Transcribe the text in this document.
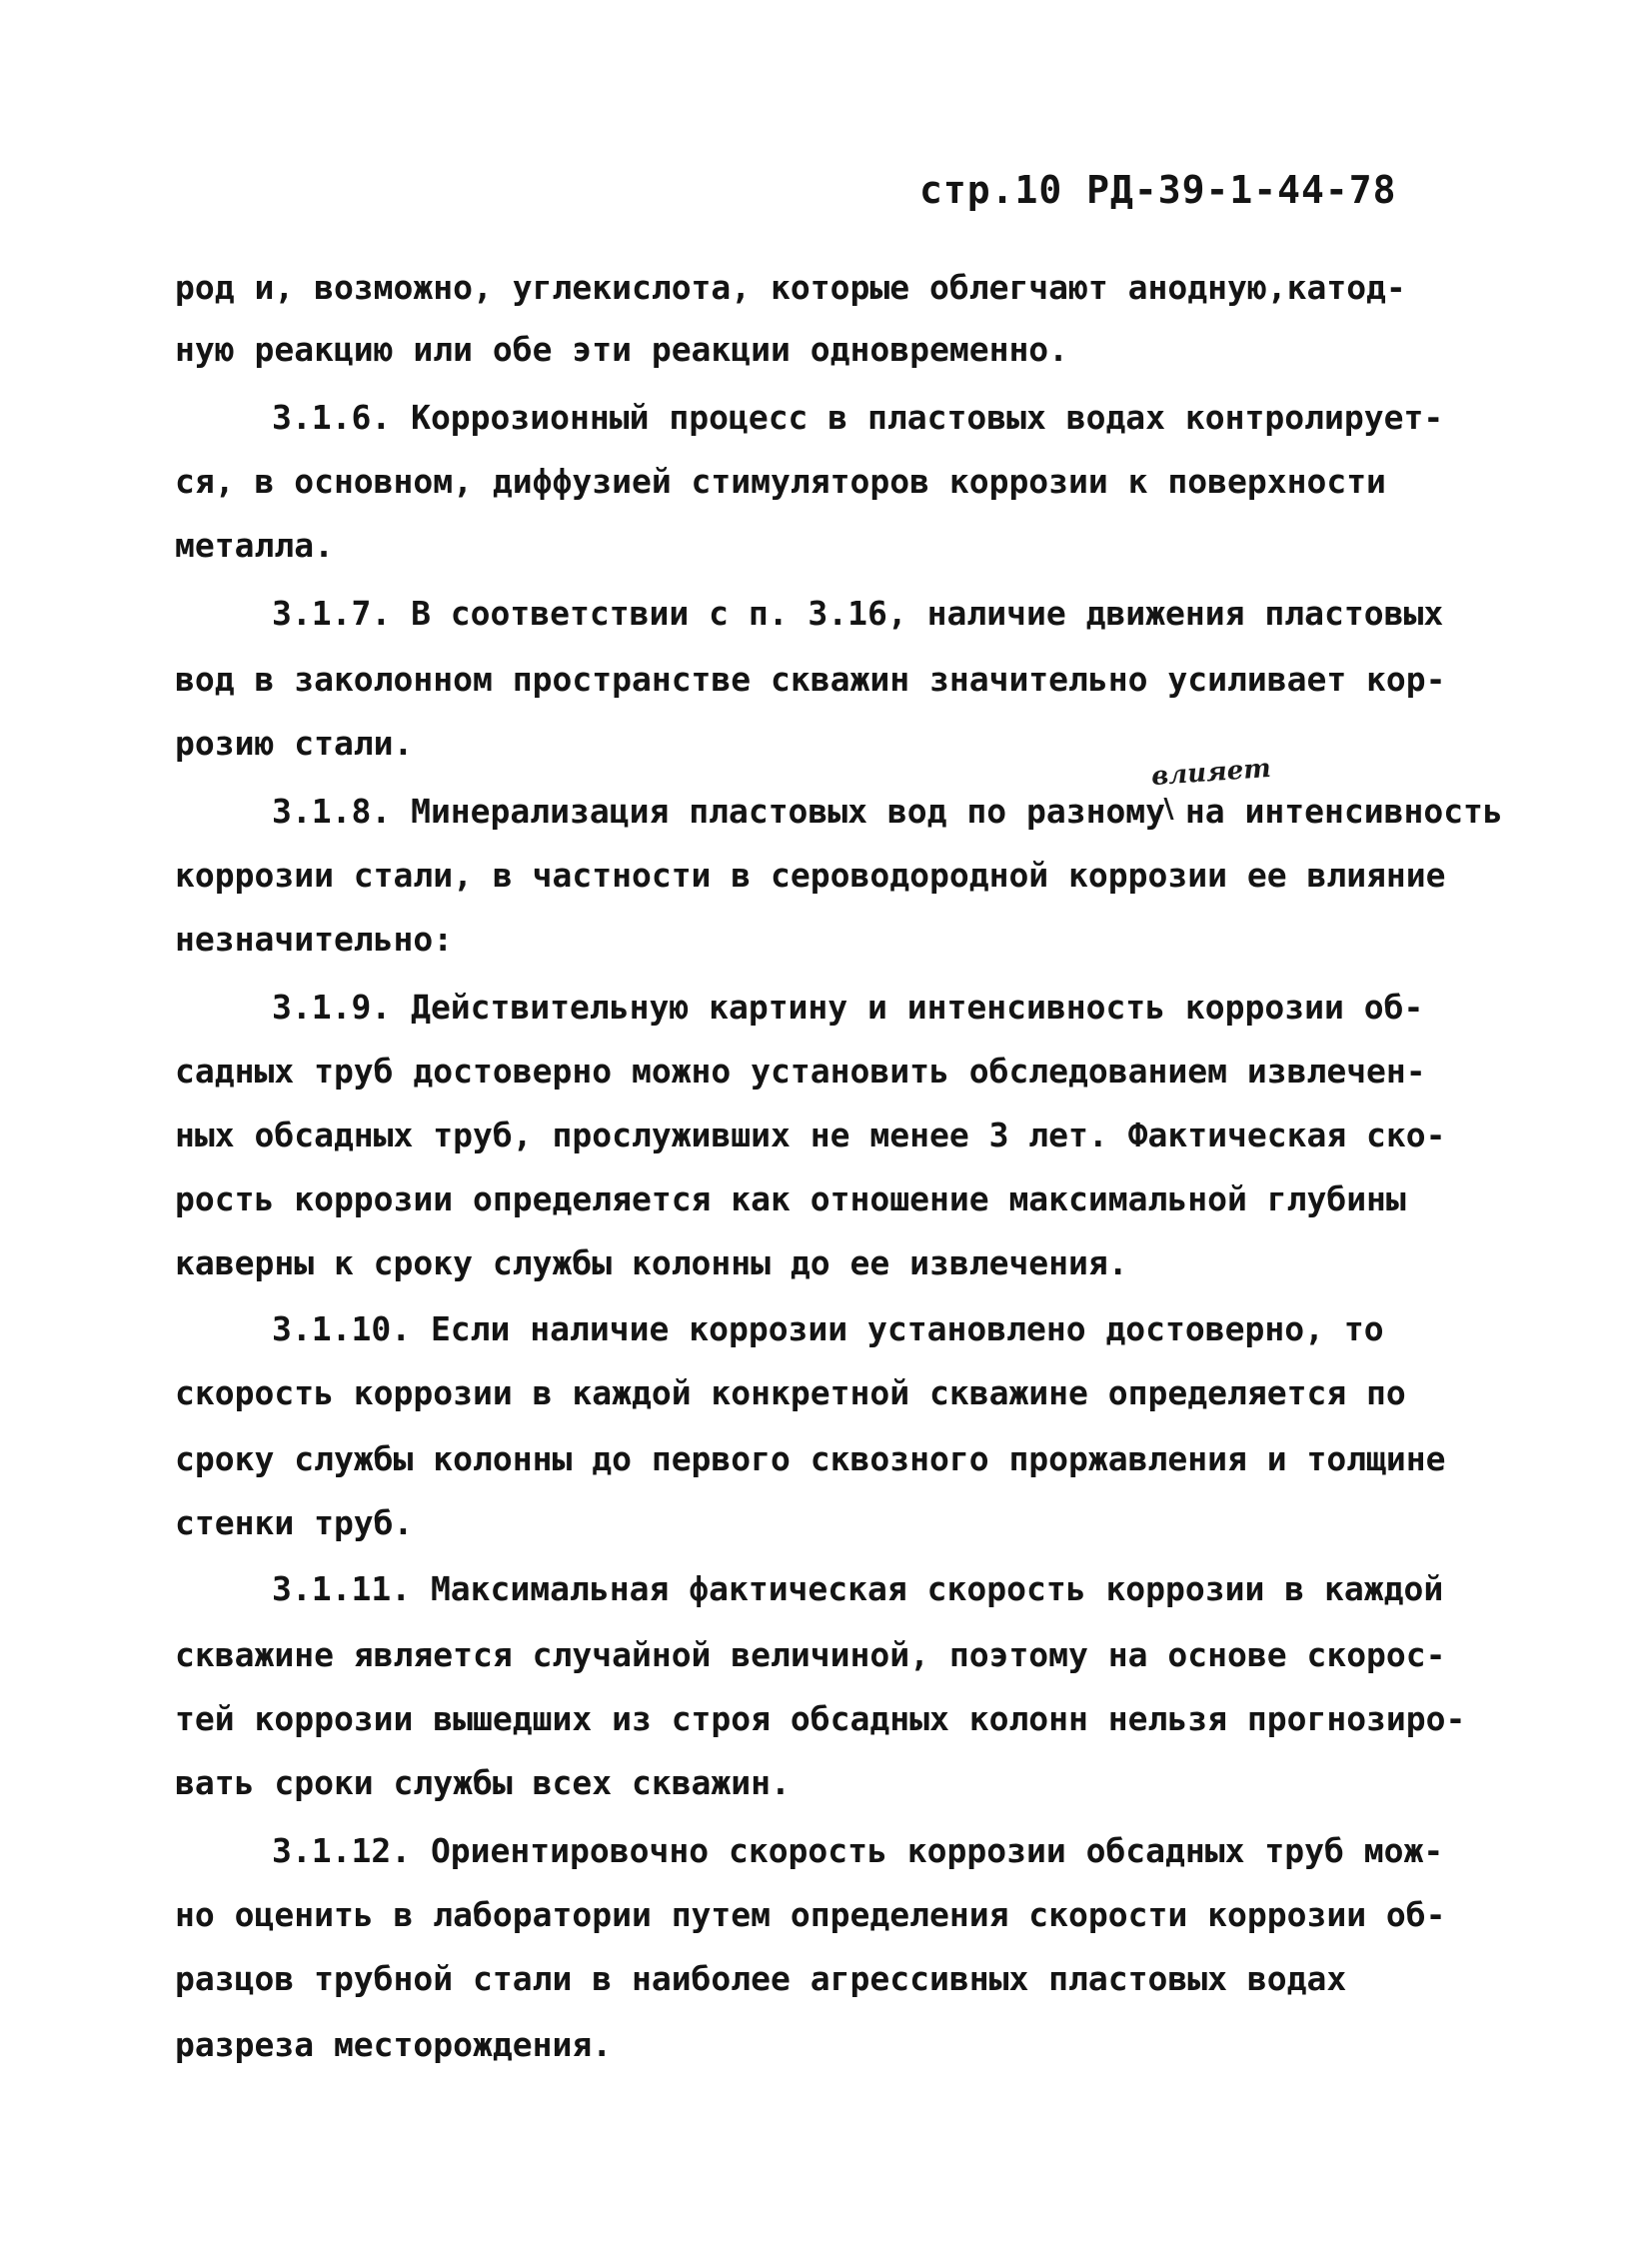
стр.10 РД-39-1-44-78
влияет
род и, возможно, углекислота, которые облегчают анодную,катод-
ную реакцию или обе эти реакции одновременно.
3.1.6. Коррозионный процесс в пластовых водах контролирует-
ся, в основном, диффузией стимуляторов коррозии к поверхности
металла.
3.1.7. В соответствии с п. 3.16, наличие движения пластовых
вод в заколонном пространстве скважин значительно усиливает кор-
розию стали.
3.1.8. Минерализация пластовых вод по разному на интенсивность
коррозии стали, в частности в сероводородной коррозии ее влияние
незначительно:
3.1.9. Действительную картину и интенсивность коррозии об-
садных труб достоверно можно установить обследованием извлечен-
ных обсадных труб, прослуживших не менее 3 лет. Фактическая ско-
рость коррозии определяется как отношение максимальной глубины
каверны к сроку службы колонны до ее извлечения.
3.1.10. Если наличие коррозии установлено достоверно, то
скорость коррозии в каждой конкретной скважине определяется по
сроку службы колонны до первого сквозного проржавления и толщине
стенки труб.
3.1.11. Максимальная фактическая скорость коррозии в каждой
скважине является случайной величиной, поэтому на основе скорос-
тей коррозии вышедших из строя обсадных колонн нельзя прогнозиро-
вать сроки службы всех скважин.
3.1.12. Ориентировочно скорость коррозии обсадных труб мож-
но оценить в лаборатории путем определения скорости коррозии об-
разцов трубной стали в наиболее агрессивных пластовых водах
разреза месторождения.
